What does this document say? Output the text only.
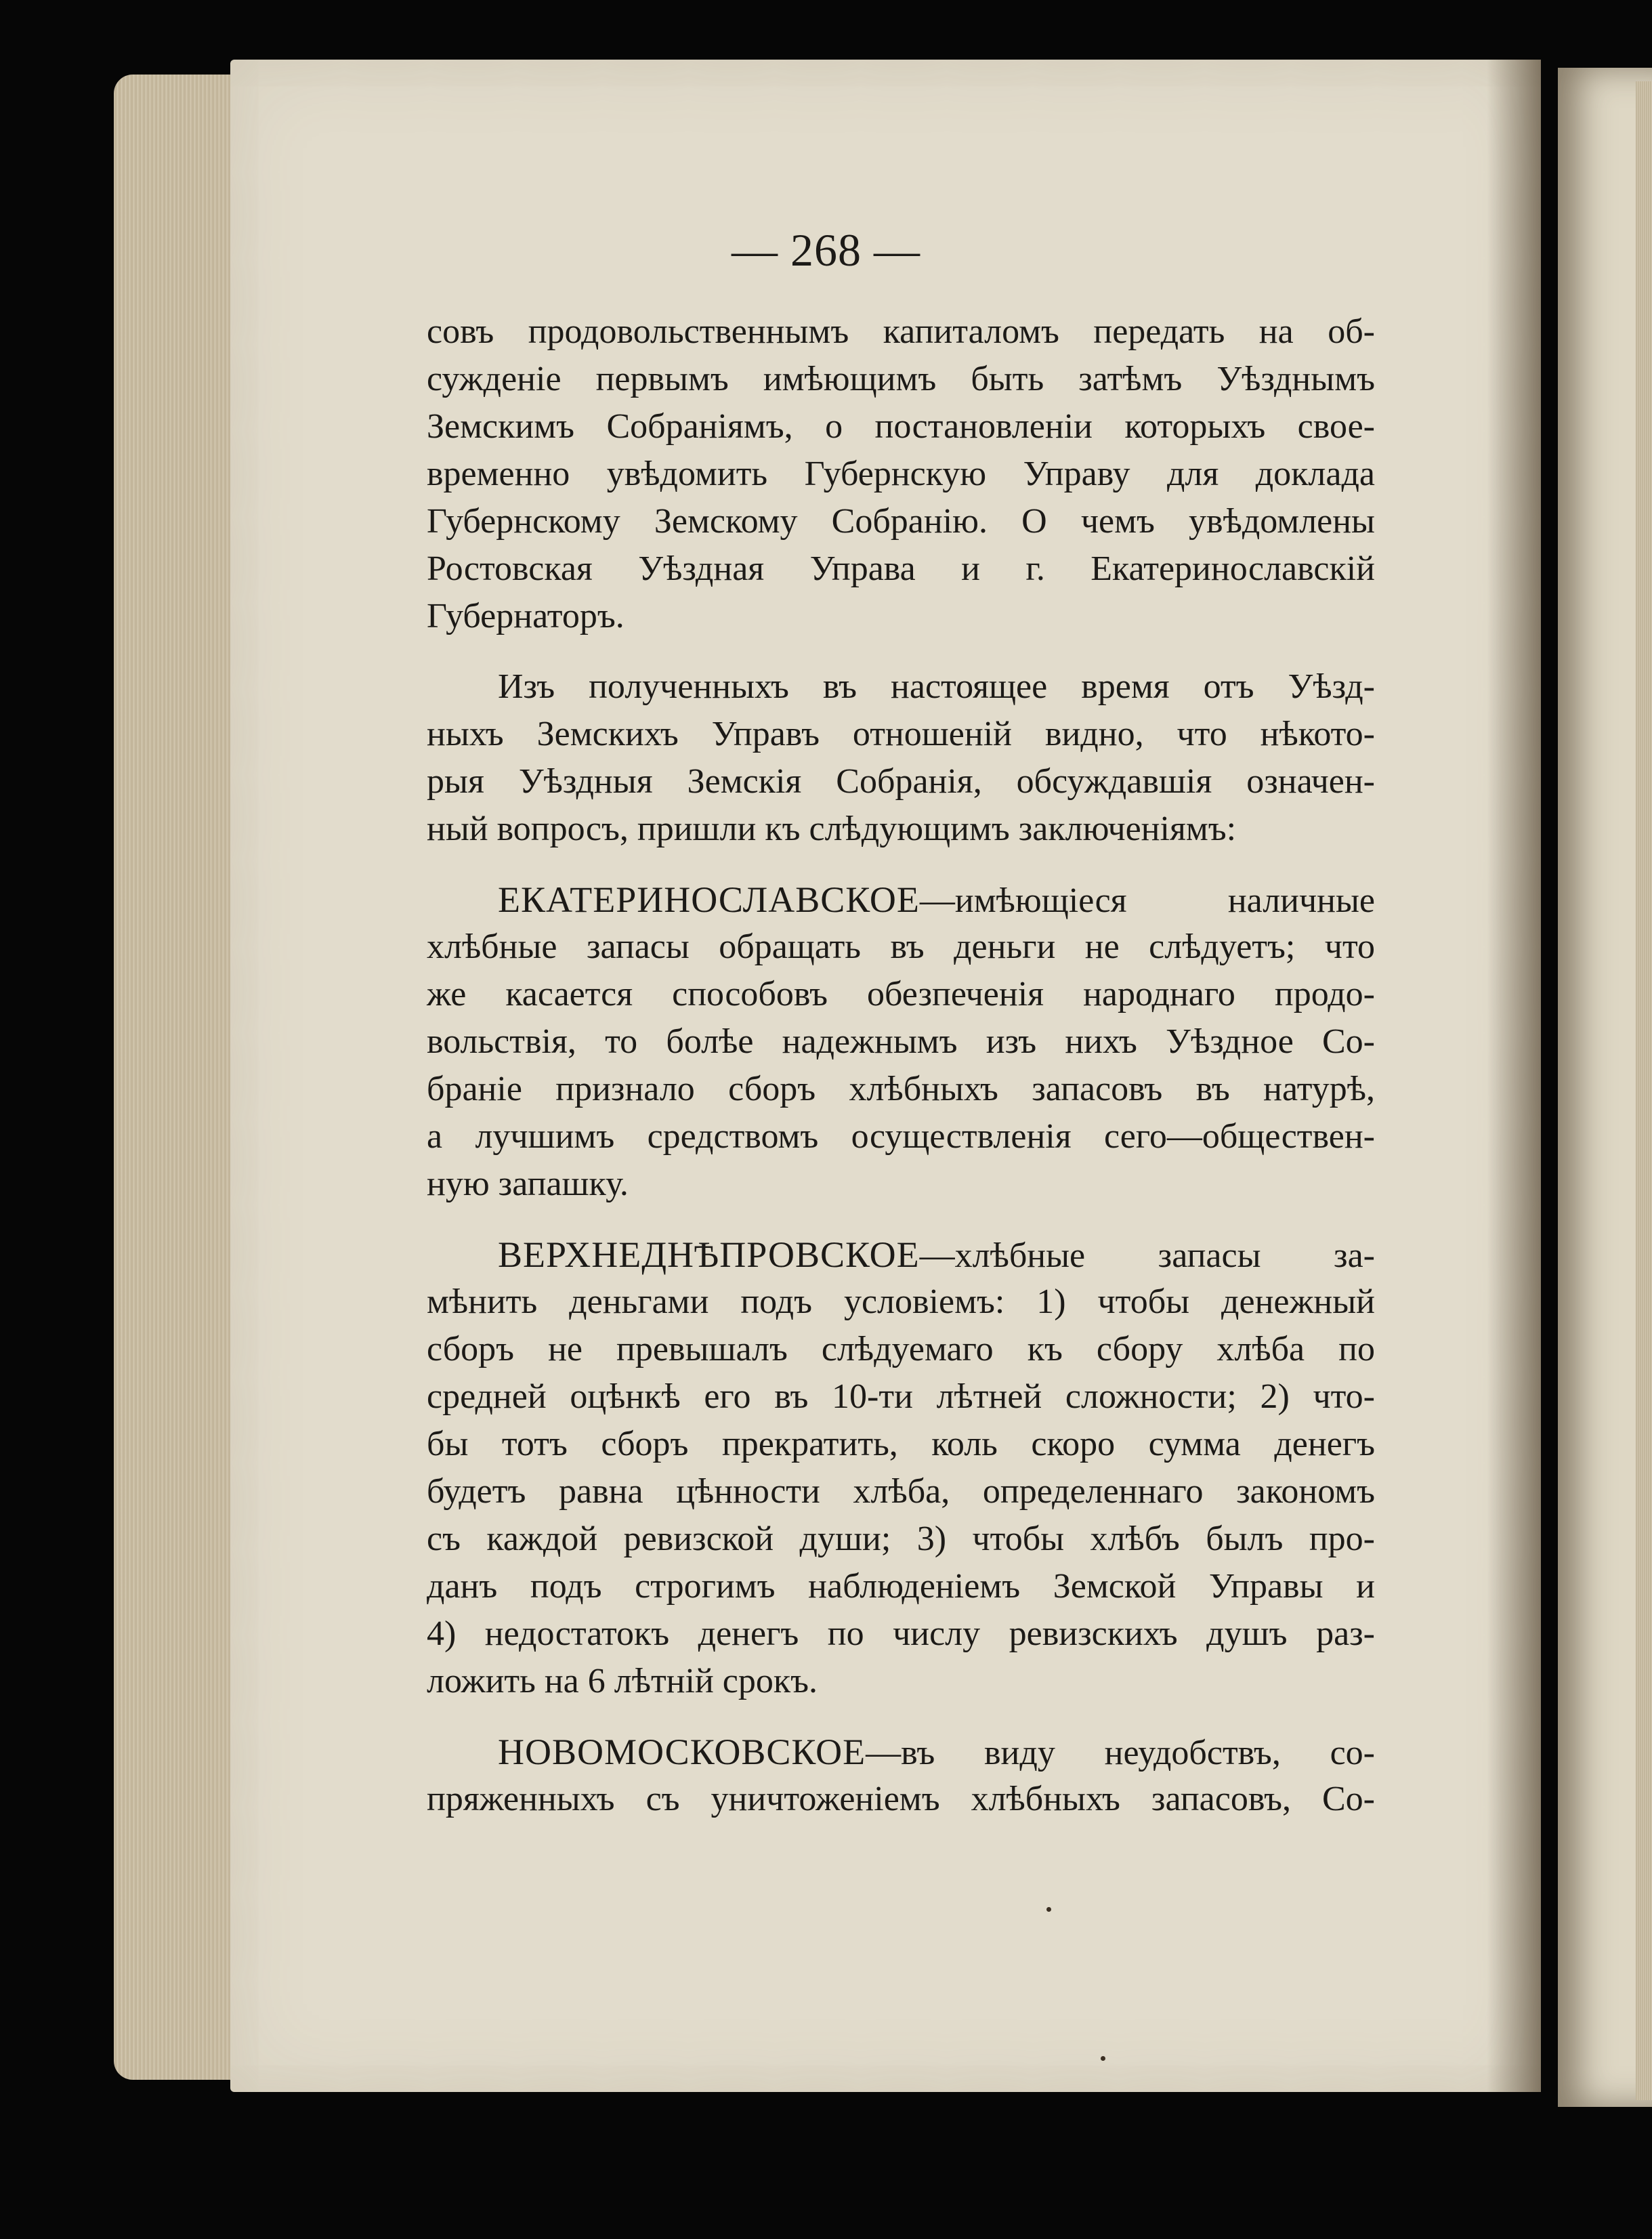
— 268 —
совъ продовольственнымъ капиталомъ передать на об-
сужденіе первымъ имѣющимъ быть затѣмъ Уѣзднымъ
Земскимъ Собраніямъ, о постановленіи которыхъ свое-
временно увѣдомить Губернскую Управу для доклада
Губернскому Земскому Собранію. О чемъ увѣдомлены
Ростовская Уѣздная Управа и г. Екатеринославскій
Губернаторъ.
Изъ полученныхъ въ настоящее время отъ Уѣзд-
ныхъ Земскихъ Управъ отношеній видно, что нѣкото-
рыя Уѣздныя Земскія Собранія, обсуждавшія означен-
ный вопросъ, пришли къ слѣдующимъ заключеніямъ:
ЕКАТЕРИНОСЛАВСКОЕ—имѣющіеся наличные
хлѣбные запасы обращать въ деньги не слѣдуетъ; что
же касается способовъ обезпеченія народнаго продо-
вольствія, то болѣе надежнымъ изъ нихъ Уѣздное Со-
браніе признало сборъ хлѣбныхъ запасовъ въ натурѣ,
а лучшимъ средствомъ осуществленія сего—обществен-
ную запашку.
ВЕРХНЕДНѢПРОВСКОЕ—хлѣбные запасы за-
мѣнить деньгами подъ условіемъ: 1) чтобы денежный
сборъ не превышалъ слѣдуемаго къ сбору хлѣба по
средней оцѣнкѣ его въ 10-ти лѣтней сложности; 2) что-
бы тотъ сборъ прекратить, коль скоро сумма денегъ
будетъ равна цѣнности хлѣба, определеннаго закономъ
съ каждой ревизской души; 3) чтобы хлѣбъ былъ про-
данъ подъ строгимъ наблюденіемъ Земской Управы и
4) недостатокъ денегъ по числу ревизскихъ душъ раз-
ложить на 6 лѣтній срокъ.
НОВОМОСКОВСКОЕ—въ виду неудобствъ, со-
пряженныхъ съ уничтоженіемъ хлѣбныхъ запасовъ, Со-
